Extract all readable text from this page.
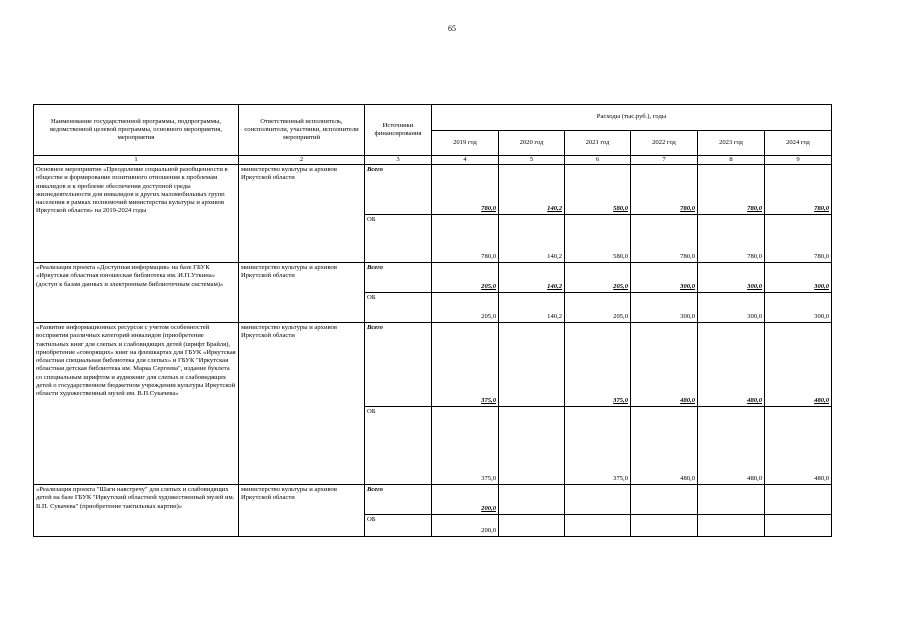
65
Наименование государственной программы, подпрограммы, ведомственной целевой программы, основного мероприятия, мероприятия	Ответственный исполнитель, соисполнители, участники, исполнители мероприятий	Источники финансирования	Расходы (тыс.руб.), годы					
			2019 год	2020 год	2021 год	2022 год	2023 год	2024 год
1	2	3	4	5	6	7	8	9
Основное мероприятие «Преодоление социальной разобщенности в обществе и формирование позитивного отношения к проблемам инвалидов и к проблеме обеспечения доступной среды жизнедеятельности для инвалидов и других маломобильных групп населения в рамках полномочий министерства культуры и архивов Иркутской области» на 2019-2024 годы	министерство культуры и архивов Иркутской области	Всего	780,0	140,2	580,0	780,0	780,0	780,0
		ОБ	780,0	140,2	580,0	780,0	780,0	780,0
«Реализация проекта «Доступная информация» на базе ГБУК «Иркутская областная юношеская библиотека им. И.П.Уткина» (доступ к базам данных и электронным библиотечным системам)»	министерство культуры и архивов Иркутской области	Всего	205,0	140,2	205,0	300,0	300,0	300,0
		ОБ	205,0	140,2	205,0	300,0	300,0	300,0
«Развитие информационных ресурсов с учетом особенностей восприятия различных категорий инвалидов (приобретение тактильных книг для слепых и слабовидящих детей (шрифт Брайля), приобретение «говорящих» книг на флешкартах для ГБУК «Иркутская областная специальная библиотека для слепых» и ГБУК "Иркутская областная детская библиотека им. Марка Сергеева", издание буклета со специальным шрифтом и аудиокниг для слепых и слабовидящих детей о государственном бюджетном учреждении культуры Иркутской области художественный музей им. В.П.Сукачева»	министерство культуры и архивов Иркутской области	Всего	375,0		375,0	480,0	480,0	480,0
		ОБ	375,0		375,0	480,0	480,0	480,0
«Реализация проекта "Шаги навстречу" для слепых и слабовидящих детей на базе ГБУК "Иркутский областной художественный музей им. В.П. Сукачева" (приобретение тактильных картин)»	министерство культуры и архивов Иркутской области	Всего	200,0					
		ОБ	200,0					
